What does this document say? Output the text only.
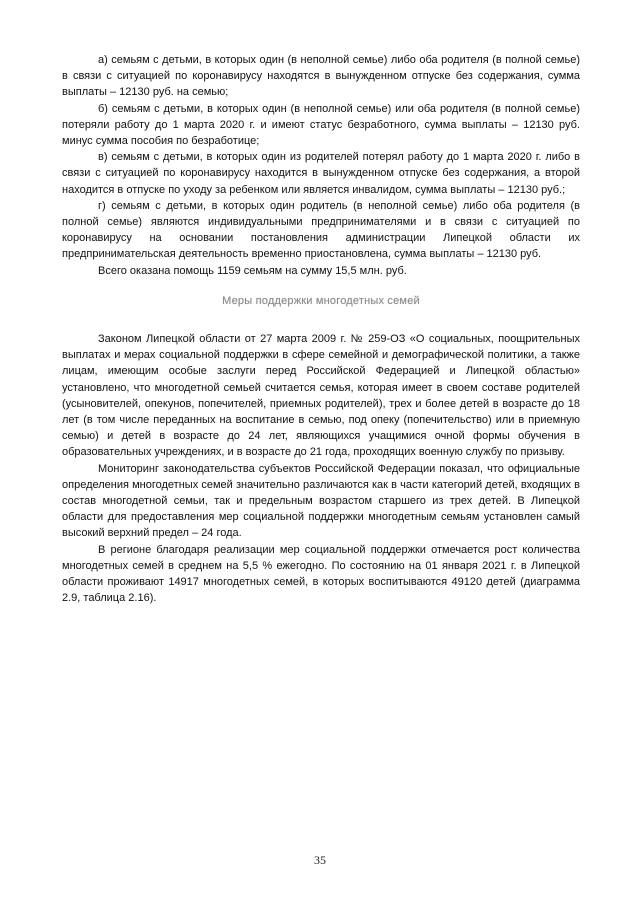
а) семьям с детьми, в которых один (в неполной семье) либо оба родителя (в полной семье) в связи с ситуацией по коронавирусу находятся в вынужденном отпуске без содержания, сумма выплаты – 12130 руб. на семью;

б) семьям с детьми, в которых один (в неполной семье) или оба родителя (в полной семье) потеряли работу до 1 марта 2020 г. и имеют статус безработного, сумма выплаты – 12130 руб. минус сумма пособия по безработице;

в) семьям с детьми, в которых один из родителей потерял работу до 1 марта 2020 г. либо в связи с ситуацией по коронавирусу находится в вынужденном отпуске без содержания, а второй находится в отпуске по уходу за ребенком или является инвалидом, сумма выплаты – 12130 руб.;

г) семьям с детьми, в которых один родитель (в неполной семье) либо оба родителя (в полной семье) являются индивидуальными предпринимателями и в связи с ситуацией по коронавирусу на основании постановления администрации Липецкой области их предпринимательская деятельность временно приостановлена, сумма выплаты – 12130 руб.

Всего оказана помощь 1159 семьям на сумму 15,5 млн. руб.

Меры поддержки многодетных семей

Законом Липецкой области от 27 марта 2009 г. № 259-ОЗ «О социальных, поощрительных выплатах и мерах социальной поддержки в сфере семейной и демографической политики, а также лицам, имеющим особые заслуги перед Российской Федерацией и Липецкой областью» установлено, что многодетной семьей считается семья, которая имеет в своем составе родителей (усыновителей, опекунов, попечителей, приемных родителей), трех и более детей в возрасте до 18 лет (в том числе переданных на воспитание в семью, под опеку (попечительство) или в приемную семью) и детей в возрасте до 24 лет, являющихся учащимися очной формы обучения в образовательных учреждениях, и в возрасте до 21 года, проходящих военную службу по призыву.

Мониторинг законодательства субъектов Российской Федерации показал, что официальные определения многодетных семей значительно различаются как в части категорий детей, входящих в состав многодетной семьи, так и предельным возрастом старшего из трех детей. В Липецкой области для предоставления мер социальной поддержки многодетным семьям установлен самый высокий верхний предел – 24 года.

В регионе благодаря реализации мер социальной поддержки отмечается рост количества многодетных семей в среднем на 5,5 % ежегодно. По состоянию на 01 января 2021 г. в Липецкой области проживают 14917 многодетных семей, в которых воспитываются 49120 детей (диаграмма 2.9, таблица 2.16).

35
